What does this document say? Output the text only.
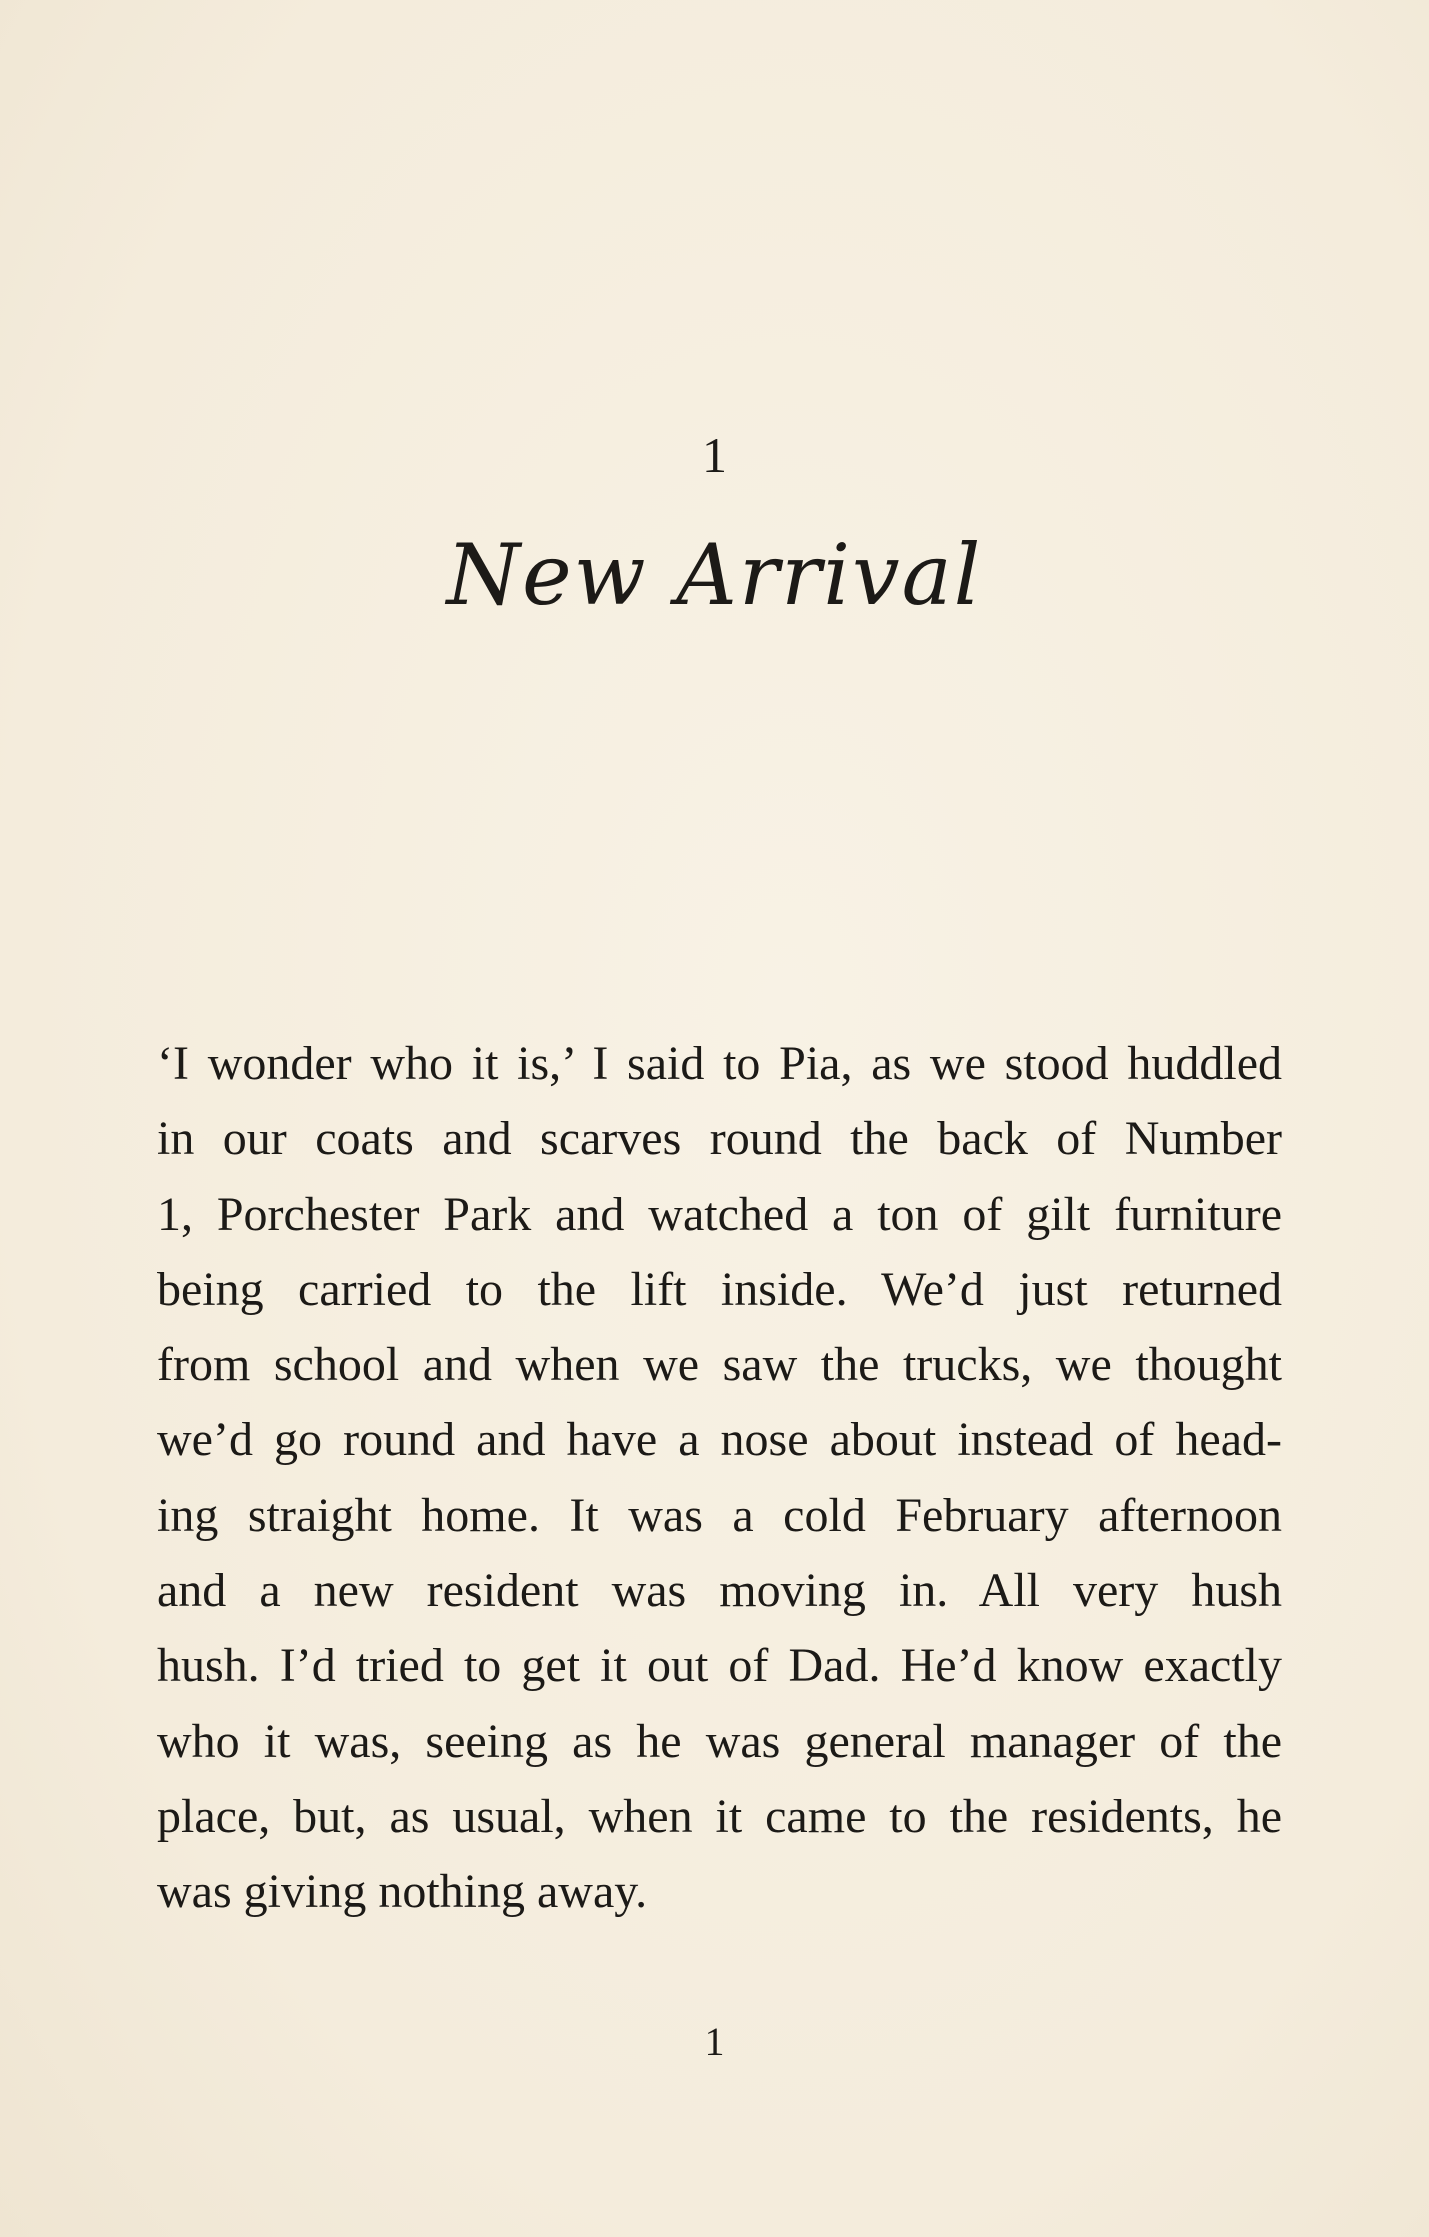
1
New Arrival
‘I wonder who it is,’ I said to Pia, as we stood huddled
in our coats and scarves round the back of Number
1, Porchester Park and watched a ton of gilt furniture
being carried to the lift inside. We’d just returned
from school and when we saw the trucks, we thought
we’d go round and have a nose about instead of head-
ing straight home. It was a cold February afternoon
and a new resident was moving in. All very hush
hush. I’d tried to get it out of Dad. He’d know exactly
who it was, seeing as he was general manager of the
place, but, as usual, when it came to the residents, he
was giving nothing away.
1
